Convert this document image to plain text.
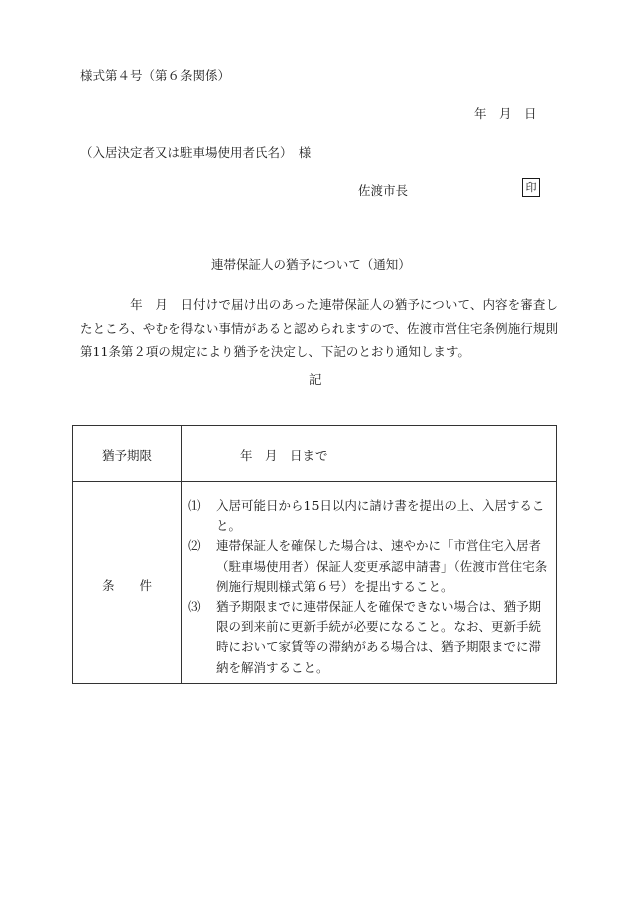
様式第４号（第６条関係）
年　月　日
（入居決定者又は駐車場使用者氏名）　様
佐渡市長	印
連帯保証人の猶予について（通知）
年　月　日付けで届け出のあった連帯保証人の猶予について、内容を審査したところ、やむを得ない事情があると認められますので、佐渡市営住宅条例施行規則第11条第２項の規定により猶予を決定し、下記のとおり通知します。
記
猶予期限	年　月　日まで
条　　件
⑴ 入居可能日から15日以内に請け書を提出の上、入居すること。
⑵ 連帯保証人を確保した場合は、速やかに「市営住宅入居者（駐車場使用者）保証人変更承認申請書」（佐渡市営住宅条例施行規則様式第６号）を提出すること。
⑶ 猶予期限までに連帯保証人を確保できない場合は、猶予期限の到来前に更新手続が必要になること。なお、更新手続時において家賃等の滞納がある場合は、猶予期限までに滞納を解消すること。
